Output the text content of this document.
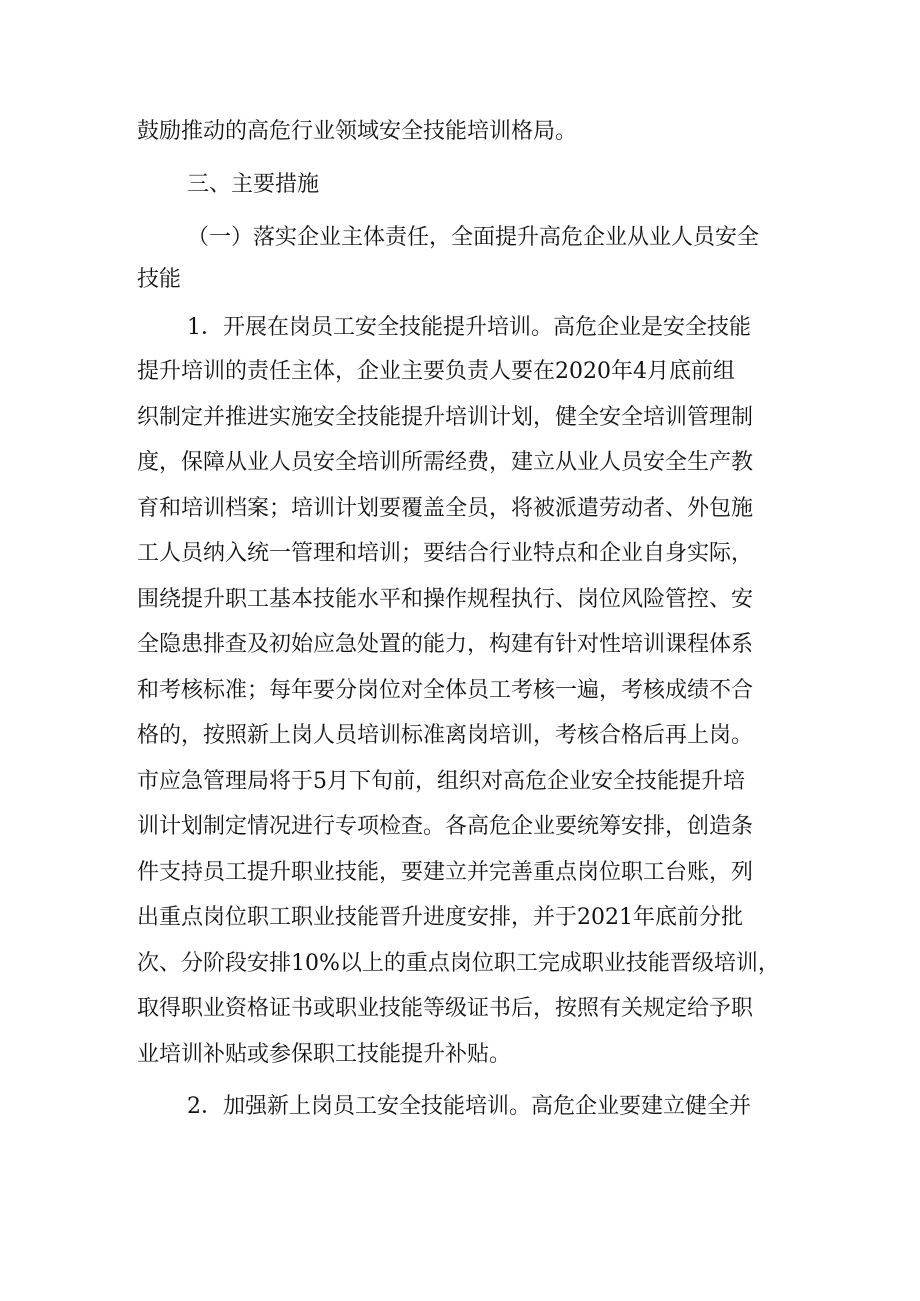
鼓励推动的高危行业领域安全技能培训格局。
三、主要措施
（一）落实企业主体责任，全面提升高危企业从业人员安全
技能
1．开展在岗员工安全技能提升培训。高危企业是安全技能
提升培训的责任主体，企业主要负责人要在2020年4月底前组
织制定并推进实施安全技能提升培训计划，健全安全培训管理制
度，保障从业人员安全培训所需经费，建立从业人员安全生产教
育和培训档案；培训计划要覆盖全员，将被派遣劳动者、外包施
工人员纳入统一管理和培训；要结合行业特点和企业自身实际，
围绕提升职工基本技能水平和操作规程执行、岗位风险管控、安
全隐患排查及初始应急处置的能力，构建有针对性培训课程体系
和考核标准；每年要分岗位对全体员工考核一遍，考核成绩不合
格的，按照新上岗人员培训标准离岗培训，考核合格后再上岗。
市应急管理局将于5月下旬前，组织对高危企业安全技能提升培
训计划制定情况进行专项检查。各高危企业要统筹安排，创造条
件支持员工提升职业技能，要建立并完善重点岗位职工台账，列
出重点岗位职工职业技能晋升进度安排，并于2021年底前分批
次、分阶段安排10%以上的重点岗位职工完成职业技能晋级培训，
取得职业资格证书或职业技能等级证书后，按照有关规定给予职
业培训补贴或参保职工技能提升补贴。
2．加强新上岗员工安全技能培训。高危企业要建立健全并
